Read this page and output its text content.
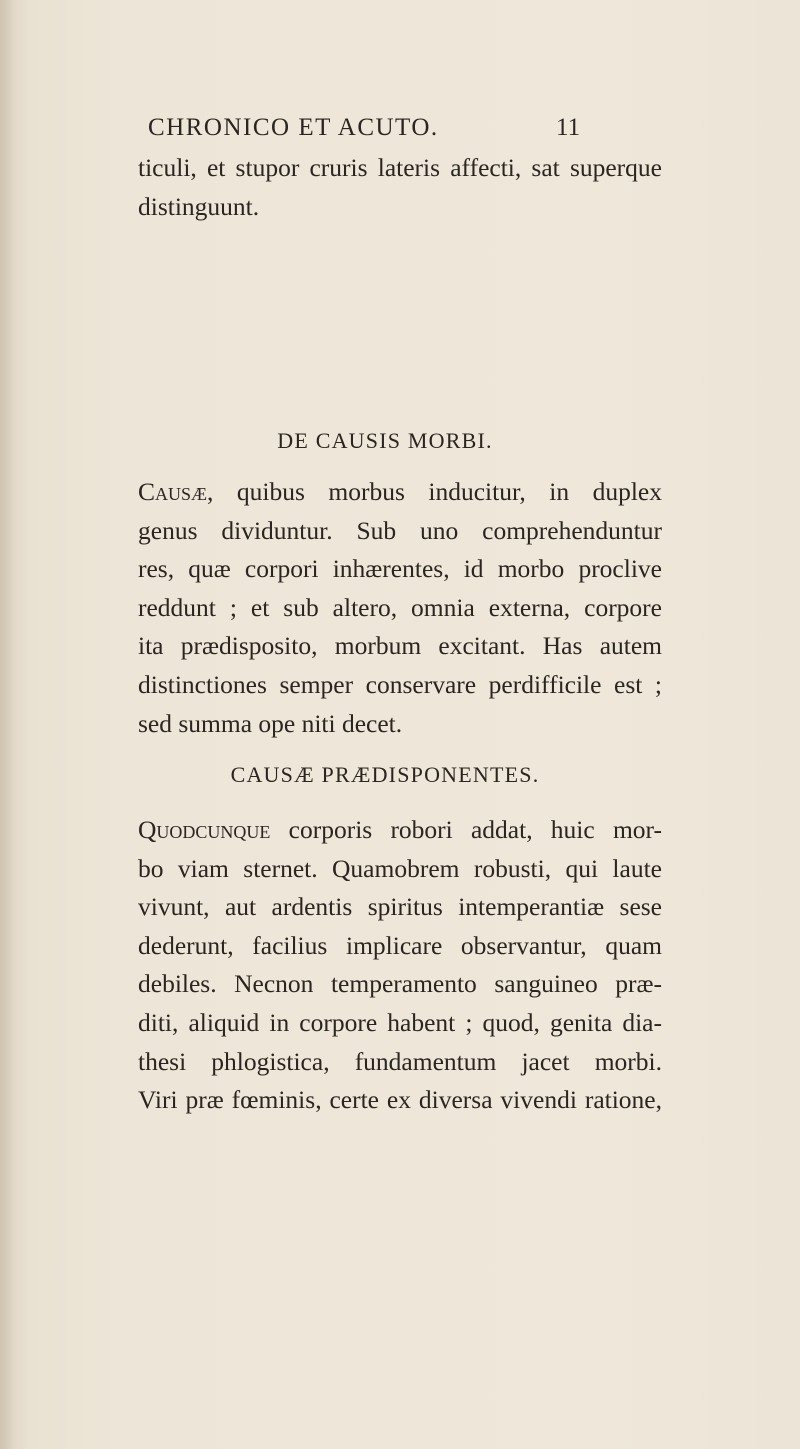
CHRONICO ET ACUTO.	11
ticuli, et stupor cruris lateris affecti, sat superque
distinguunt.
DE CAUSIS MORBI.
Causæ, quibus morbus inducitur, in duplex
genus dividuntur. Sub uno comprehenduntur
res, quæ corpori inhærentes, id morbo proclive
reddunt ; et sub altero, omnia externa, corpore
ita prædisposito, morbum excitant. Has autem
distinctiones semper conservare perdifficile est ;
sed summa ope niti decet.
CAUSÆ PRÆDISPONENTES.
Quodcunque corporis robori addat, huic mor-
bo viam sternet. Quamobrem robusti, qui laute
vivunt, aut ardentis spiritus intemperantiæ sese
dederunt, facilius implicare observantur, quam
debiles. Necnon temperamento sanguineo præ-
diti, aliquid in corpore habent ; quod, genita dia-
thesi phlogistica, fundamentum jacet morbi.
Viri præ fœminis, certe ex diversa vivendi ratione,
